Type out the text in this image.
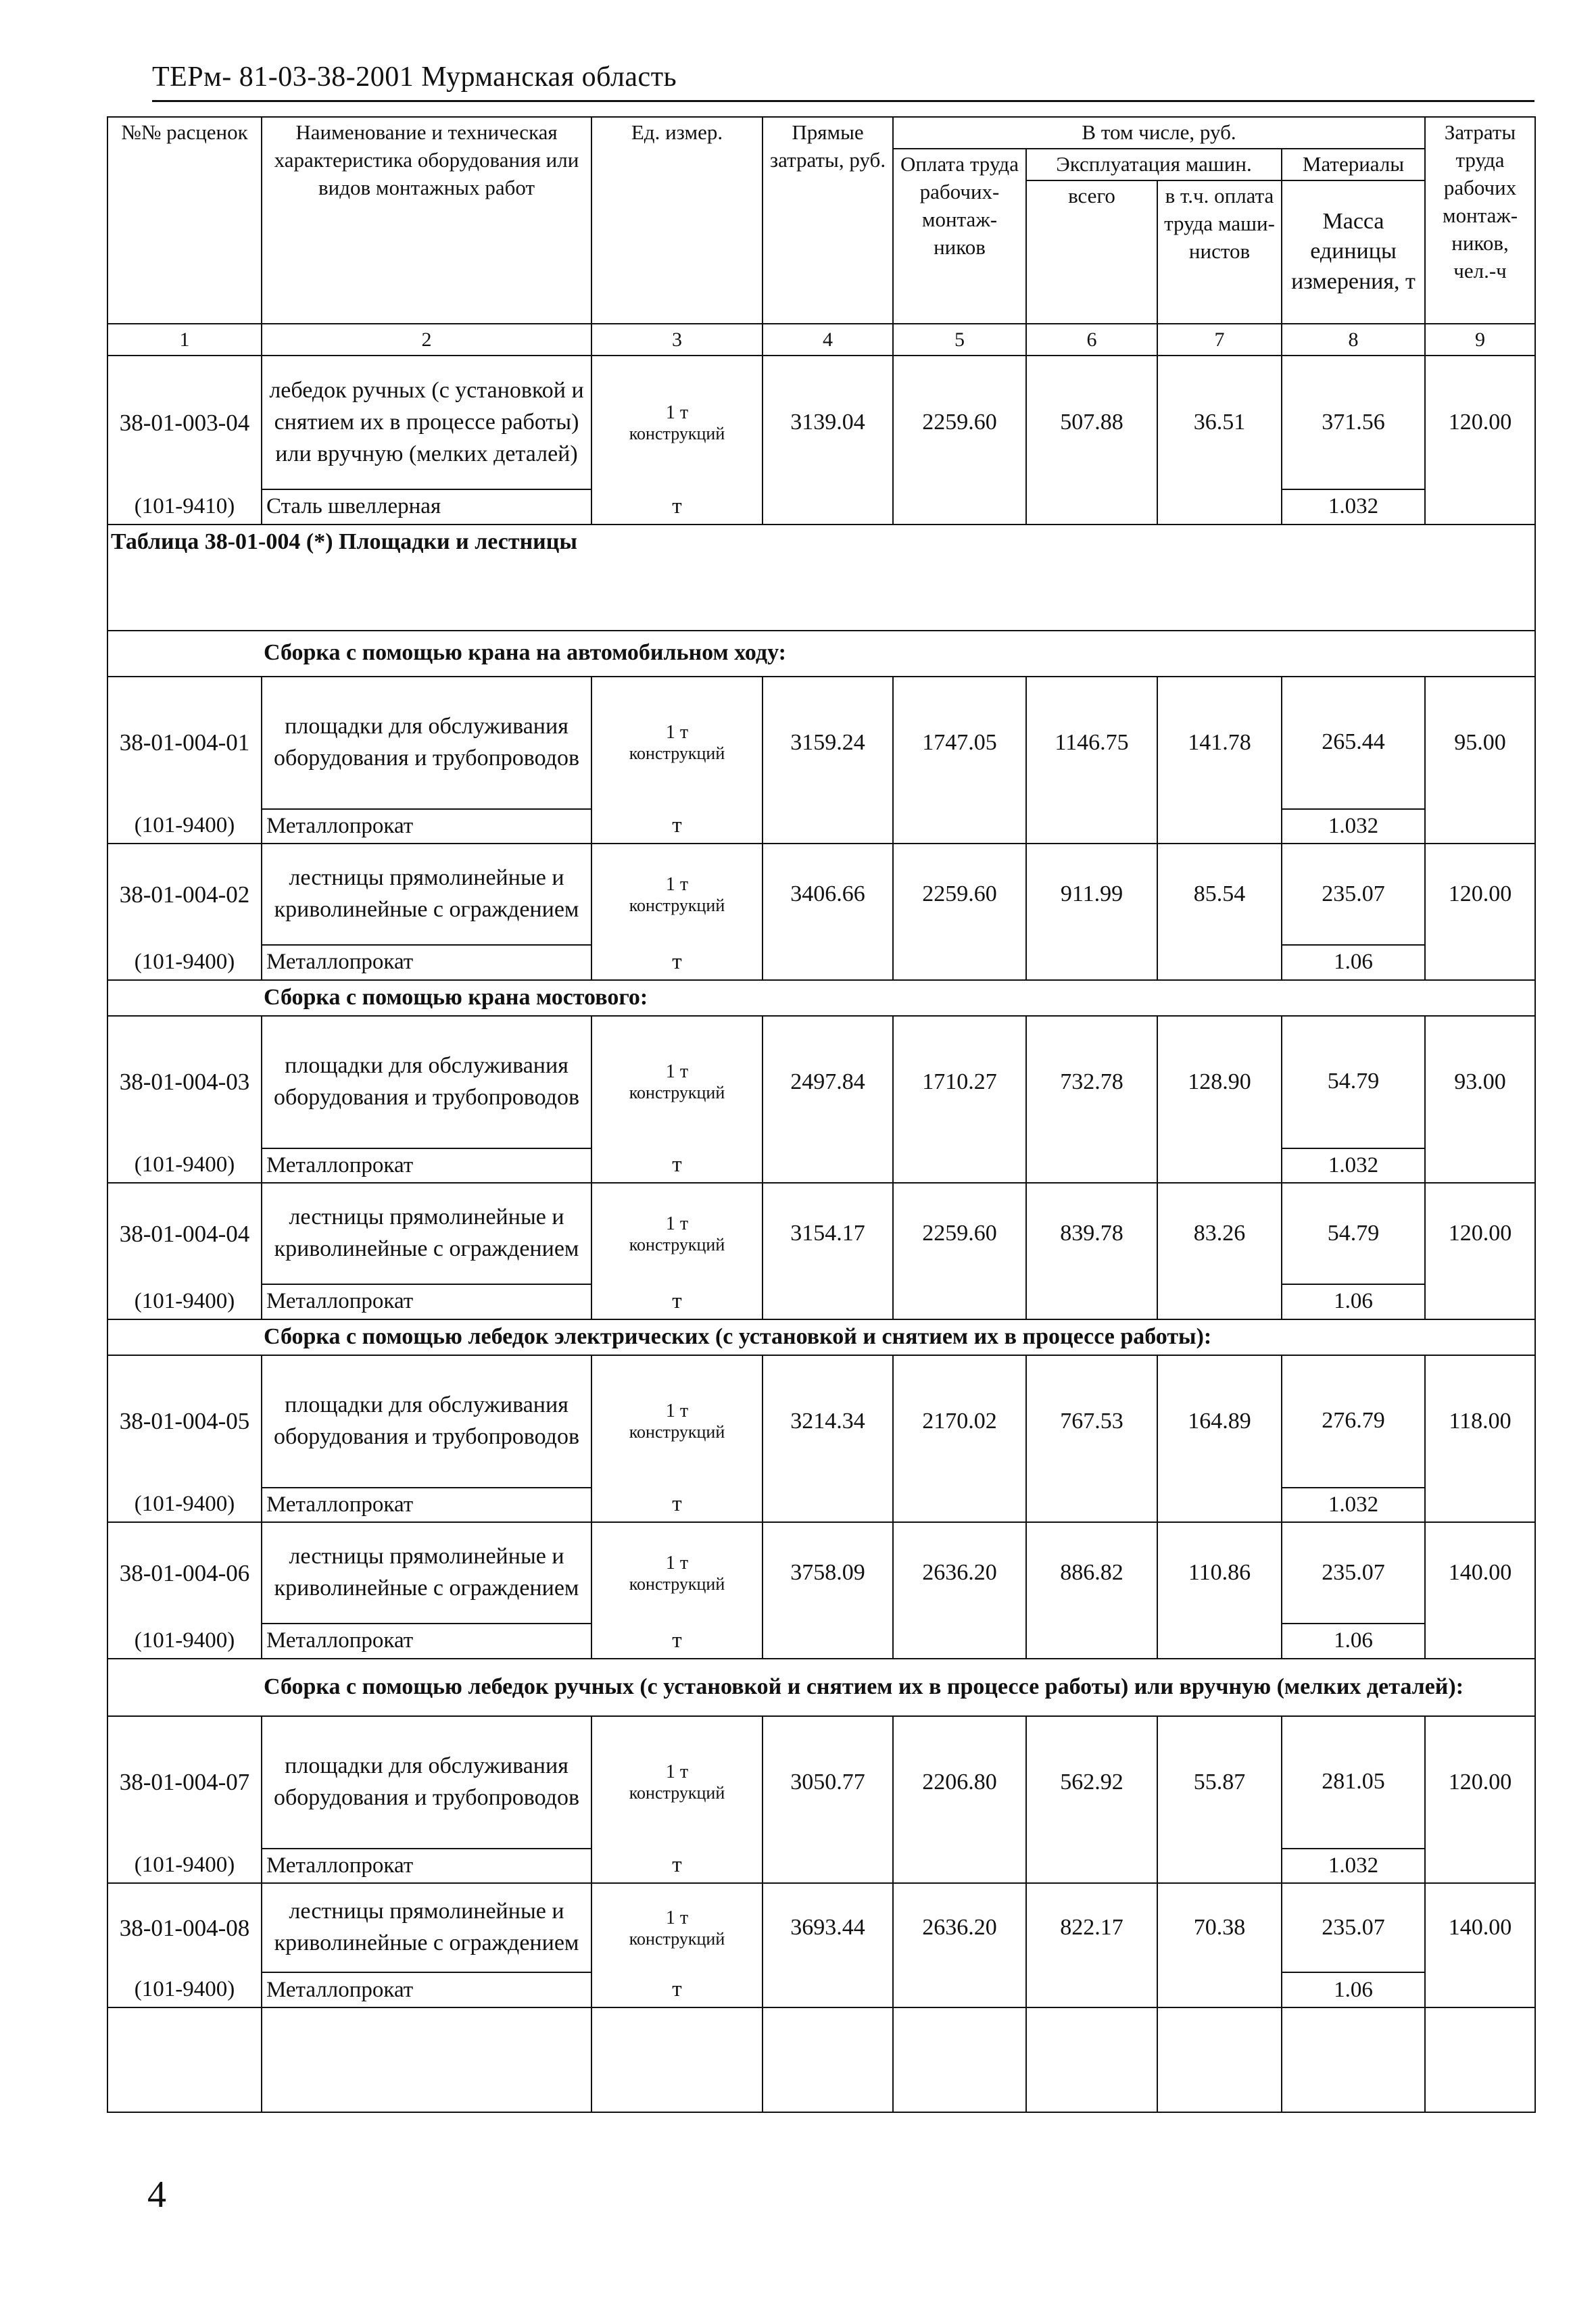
ТЕРм- 81-03-38-2001 Мурманская область
№№ расценок	Наименование и техническая характеристика оборудования или видов монтажных работ	Ед. измер.	Прямые затраты, руб.	В том числе, руб.				Затраты труда рабочих монтаж-ников, чел.-ч
				Оплата труда рабочих-монтаж-ников	Эксплуатация машин.		Материалы	
					всего	в т.ч. оплата труда маши-нистов	Масса единицы измерения, т	
1	2	3	4	5	6	7	8	9
38-01-003-04	лебедок ручных (с установкой и снятием их в процессе работы) или вручную (мелких деталей)	1 т
конструкций	3139.04	2259.60	507.88	36.51	371.56	120.00
(101-9410)	Сталь швеллерная	т					1.032	
Таблица 38-01-004 (*) Площадки и лестницы								
Сборка с помощью крана на автомобильном ходу:								
38-01-004-01	площадки для обслуживания оборудования и трубопроводов	1 т
конструкций	3159.24	1747.05	1146.75	141.78	265.44	95.00
(101-9400)	Металлопрокат	т					1.032	
38-01-004-02	лестницы прямолинейные и криволинейные с ограждением	1 т
конструкций	3406.66	2259.60	911.99	85.54	235.07	120.00
(101-9400)	Металлопрокат	т					1.06	
Сборка с помощью крана мостового:								
38-01-004-03	площадки для обслуживания оборудования и трубопроводов	1 т
конструкций	2497.84	1710.27	732.78	128.90	54.79	93.00
(101-9400)	Металлопрокат	т					1.032	
38-01-004-04	лестницы прямолинейные и криволинейные с ограждением	1 т
конструкций	3154.17	2259.60	839.78	83.26	54.79	120.00
(101-9400)	Металлопрокат	т					1.06	
Сборка с помощью лебедок электрических (с установкой и снятием их в процессе работы):								
38-01-004-05	площадки для обслуживания оборудования и трубопроводов	1 т
конструкций	3214.34	2170.02	767.53	164.89	276.79	118.00
(101-9400)	Металлопрокат	т					1.032	
38-01-004-06	лестницы прямолинейные и криволинейные с ограждением	1 т
конструкций	3758.09	2636.20	886.82	110.86	235.07	140.00
(101-9400)	Металлопрокат	т					1.06	
Сборка с помощью лебедок ручных (с установкой и снятием их в процессе работы) или вручную (мелких деталей):								
38-01-004-07	площадки для обслуживания оборудования и трубопроводов	1 т
конструкций	3050.77	2206.80	562.92	55.87	281.05	120.00
(101-9400)	Металлопрокат	т					1.032	
38-01-004-08	лестницы прямолинейные и криволинейные с ограждением	1 т
конструкций	3693.44	2636.20	822.17	70.38	235.07	140.00
(101-9400)	Металлопрокат	т					1.06	

4
